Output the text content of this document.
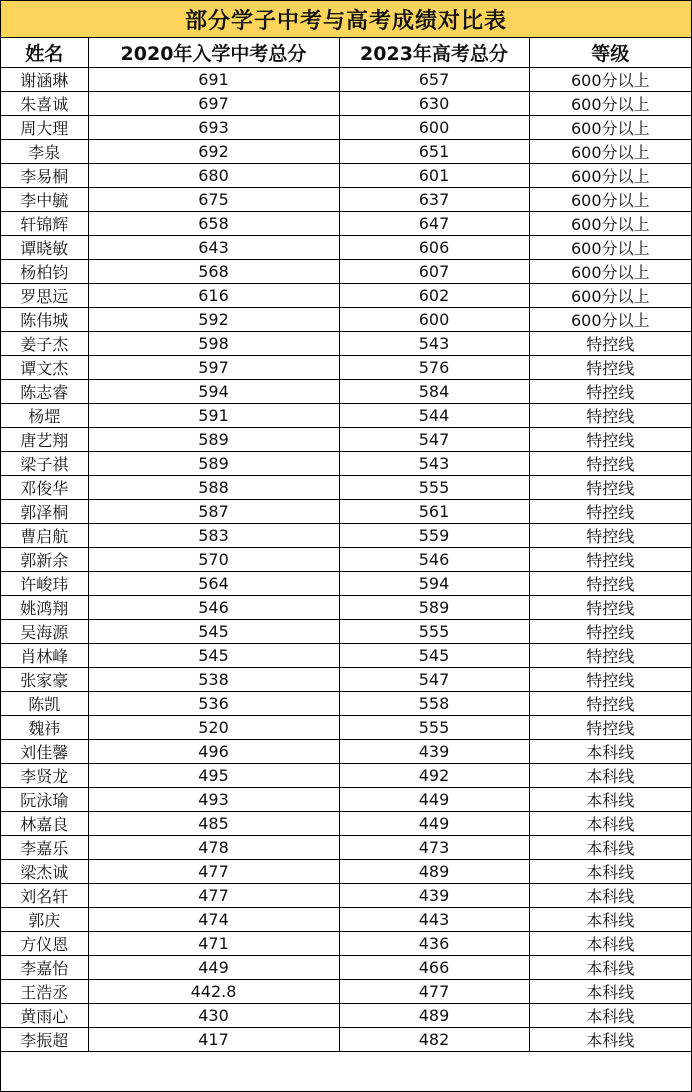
部分学子中考与高考成绩对比表
姓名	2020年入学中考总分	2023年高考总分	等级
谢涵琳	691	657	600分以上
朱喜诚	697	630	600分以上
周大理	693	600	600分以上
李泉	692	651	600分以上
李易桐	680	601	600分以上
李中毓	675	637	600分以上
轩锦辉	658	647	600分以上
谭晓敏	643	606	600分以上
杨柏钧	568	607	600分以上
罗思远	616	602	600分以上
陈伟城	592	600	600分以上
姜子杰	598	543	特控线
谭文杰	597	576	特控线
陈志睿	594	584	特控线
杨堽	591	544	特控线
唐艺翔	589	547	特控线
梁子祺	589	543	特控线
邓俊华	588	555	特控线
郭泽桐	587	561	特控线
曹启航	583	559	特控线
郭新余	570	546	特控线
许峻玮	564	594	特控线
姚鸿翔	546	589	特控线
吴海源	545	555	特控线
肖林峰	545	545	特控线
张家豪	538	547	特控线
陈凯	536	558	特控线
魏祎	520	555	特控线
刘佳馨	496	439	本科线
李贤龙	495	492	本科线
阮泳瑜	493	449	本科线
林嘉良	485	449	本科线
李嘉乐	478	473	本科线
梁杰诚	477	489	本科线
刘名轩	477	439	本科线
郭庆	474	443	本科线
方仪恩	471	436	本科线
李嘉怡	449	466	本科线
王浩丞	442.8	477	本科线
黄雨心	430	489	本科线
李振超	417	482	本科线
